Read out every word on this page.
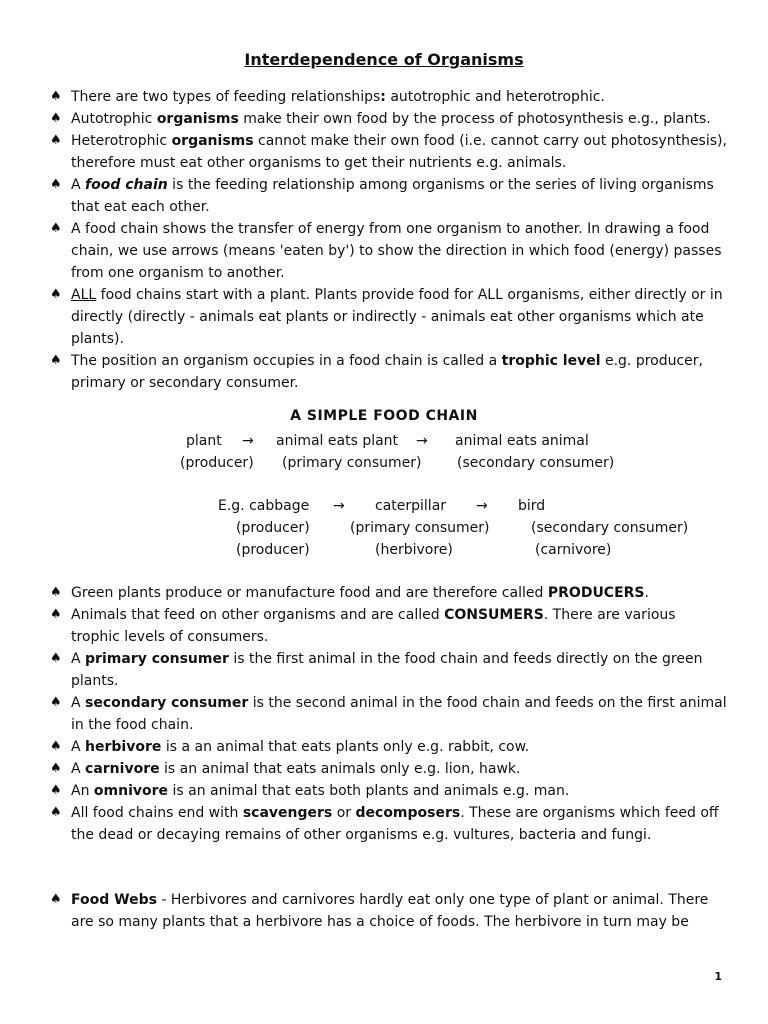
Interdependence of Organisms
♠ There are two types of feeding relationships: autotrophic and heterotrophic.
♠ Autotrophic organisms make their own food by the process of photosynthesis e.g., plants.
♠ Heterotrophic organisms cannot make their own food (i.e. cannot carry out photosynthesis), therefore must eat other organisms to get their nutrients e.g. animals.
♠ A food chain is the feeding relationship among organisms or the series of living organisms that eat each other.
♠ A food chain shows the transfer of energy from one organism to another. In drawing a food chain, we use arrows (means 'eaten by') to show the direction in which food (energy) passes from one organism to another.
♠ ALL food chains start with a plant. Plants provide food for ALL organisms, either directly or in directly (directly - animals eat plants or indirectly - animals eat other organisms which ate plants).
♠ The position an organism occupies in a food chain is called a trophic level e.g. producer, primary or secondary consumer.
A SIMPLE FOOD CHAIN
plant → animal eats plant → animal eats animal
(producer) (primary consumer)	(secondary consumer)
E.g. cabbage → caterpillar → bird
(producer)	(primary consumer)	(secondary consumer)
(producer)	(herbivore)	(carnivore)
♠ Green plants produce or manufacture food and are therefore called PRODUCERS.
♠ Animals that feed on other organisms and are called CONSUMERS. There are various trophic levels of consumers.
♠ A primary consumer is the first animal in the food chain and feeds directly on the green plants.
♠ A secondary consumer is the second animal in the food chain and feeds on the first animal in the food chain.
♠ A herbivore is a an animal that eats plants only e.g. rabbit, cow.
♠ A carnivore is an animal that eats animals only e.g. lion, hawk.
♠ An omnivore is an animal that eats both plants and animals e.g. man.
♠ All food chains end with scavengers or decomposers. These are organisms which feed off the dead or decaying remains of other organisms e.g. vultures, bacteria and fungi.
♠ Food Webs - Herbivores and carnivores hardly eat only one type of plant or animal. There are so many plants that a herbivore has a choice of foods. The herbivore in turn may be
1
